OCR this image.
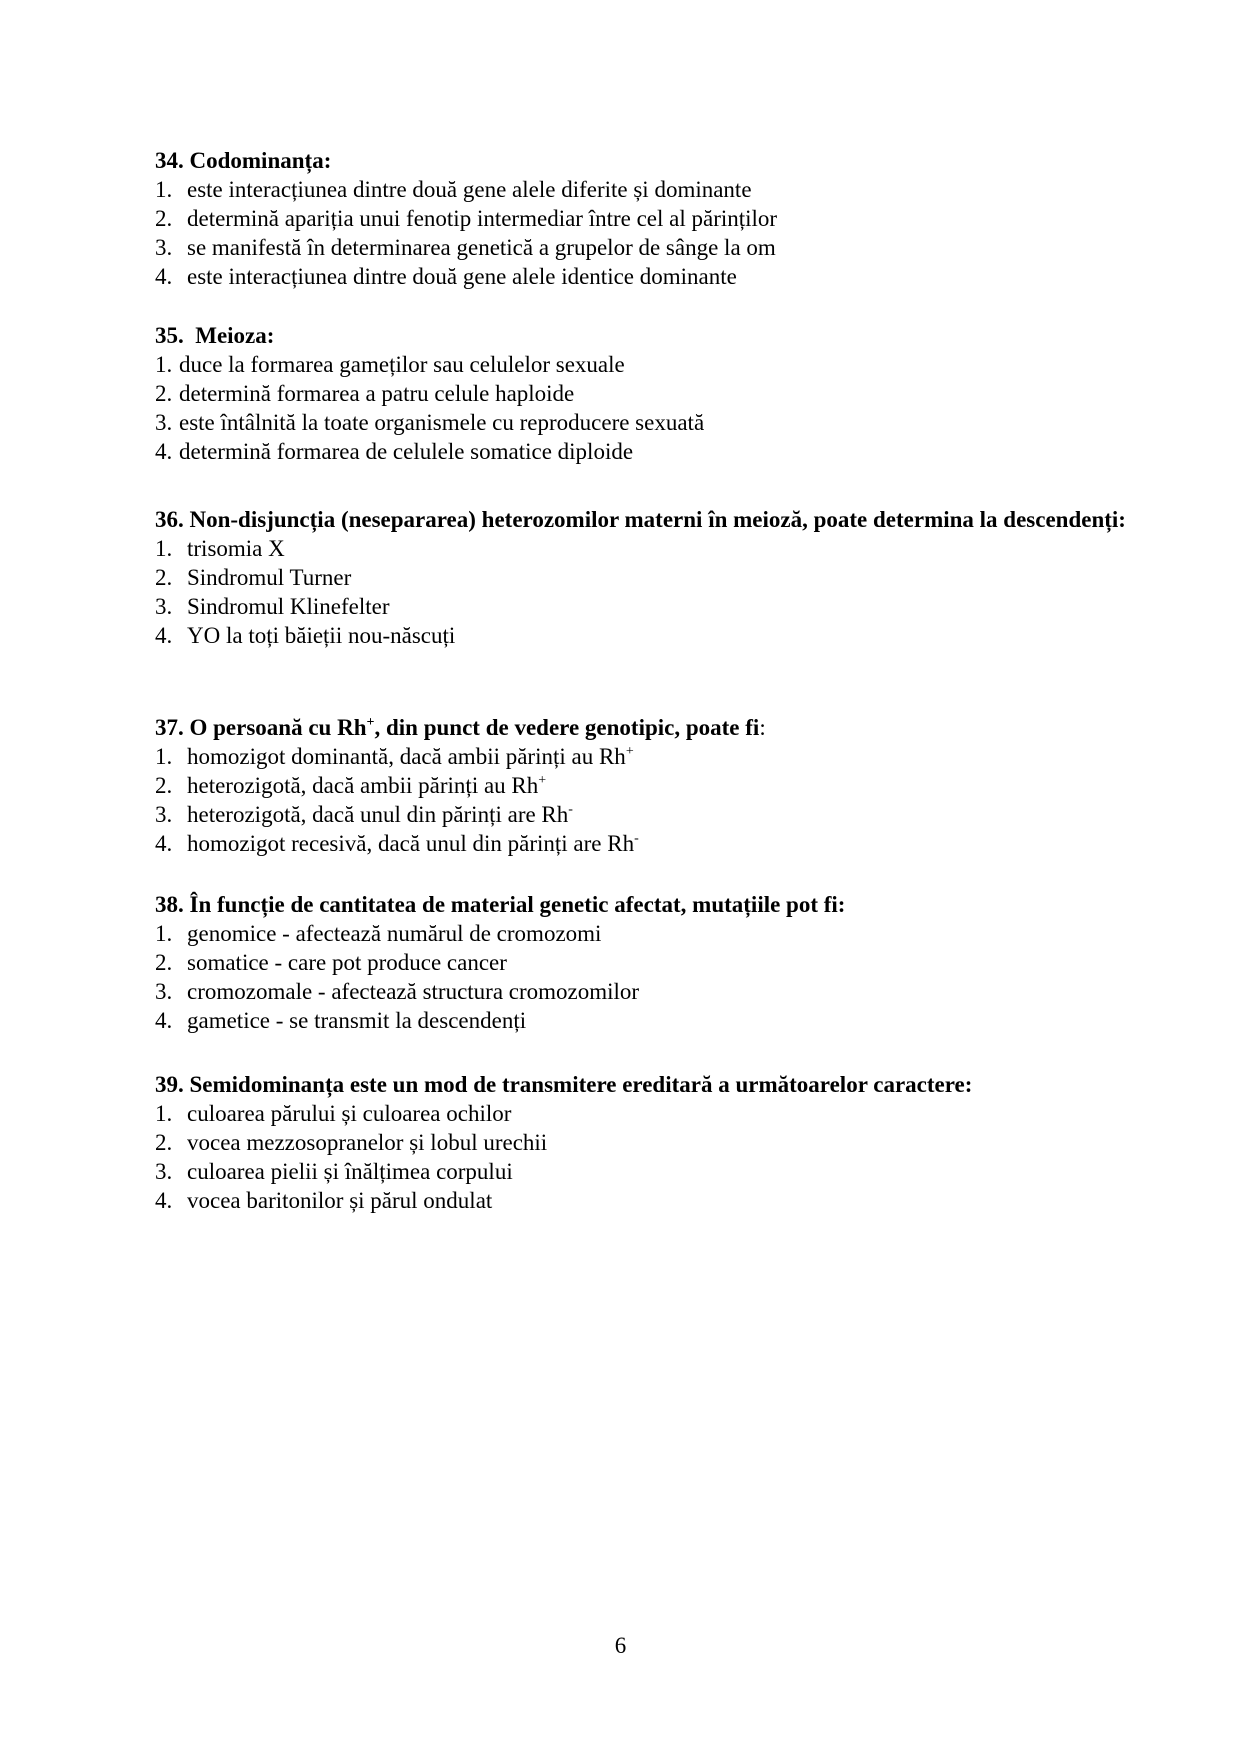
34. Codominanța:

1. este interacțiunea dintre două gene alele diferite și dominante

2. determină apariția unui fenotip intermediar între cel al părinților

3. se manifestă în determinarea genetică a grupelor de sânge la om

4. este interacțiunea dintre două gene alele identice dominante

35.  Meioza:

1. duce la formarea gameților sau celulelor sexuale

2. determină formarea a patru celule haploide

3. este întâlnită la toate organismele cu reproducere sexuată

4. determină formarea de celulele somatice diploide

36. Non-disjuncția (nesepararea) heterozomilor materni în meioză, poate determina la descendenți:

1. trisomia X

2. Sindromul Turner

3. Sindromul Klinefelter

4. YO la toți băieții nou-născuți

37. O persoană cu Rh+, din punct de vedere genotipic, poate fi:

1. homozigot dominantă, dacă ambii părinți au Rh+

2. heterozigotă, dacă ambii părinți au Rh+

3. heterozigotă, dacă unul din părinți are Rh-

4. homozigot recesivă, dacă unul din părinți are Rh-

38. În funcție de cantitatea de material genetic afectat, mutațiile pot fi:

1. genomice - afectează numărul de cromozomi

2. somatice - care pot produce cancer

3. cromozomale - afectează structura cromozomilor

4. gametice - se transmit la descendenți

39. Semidominanța este un mod de transmitere ereditară a următoarelor caractere:

1. culoarea părului și culoarea ochilor

2. vocea mezzosopranelor și lobul urechii

3. culoarea pielii și înălțimea corpului

4. vocea baritonilor și părul ondulat

6
